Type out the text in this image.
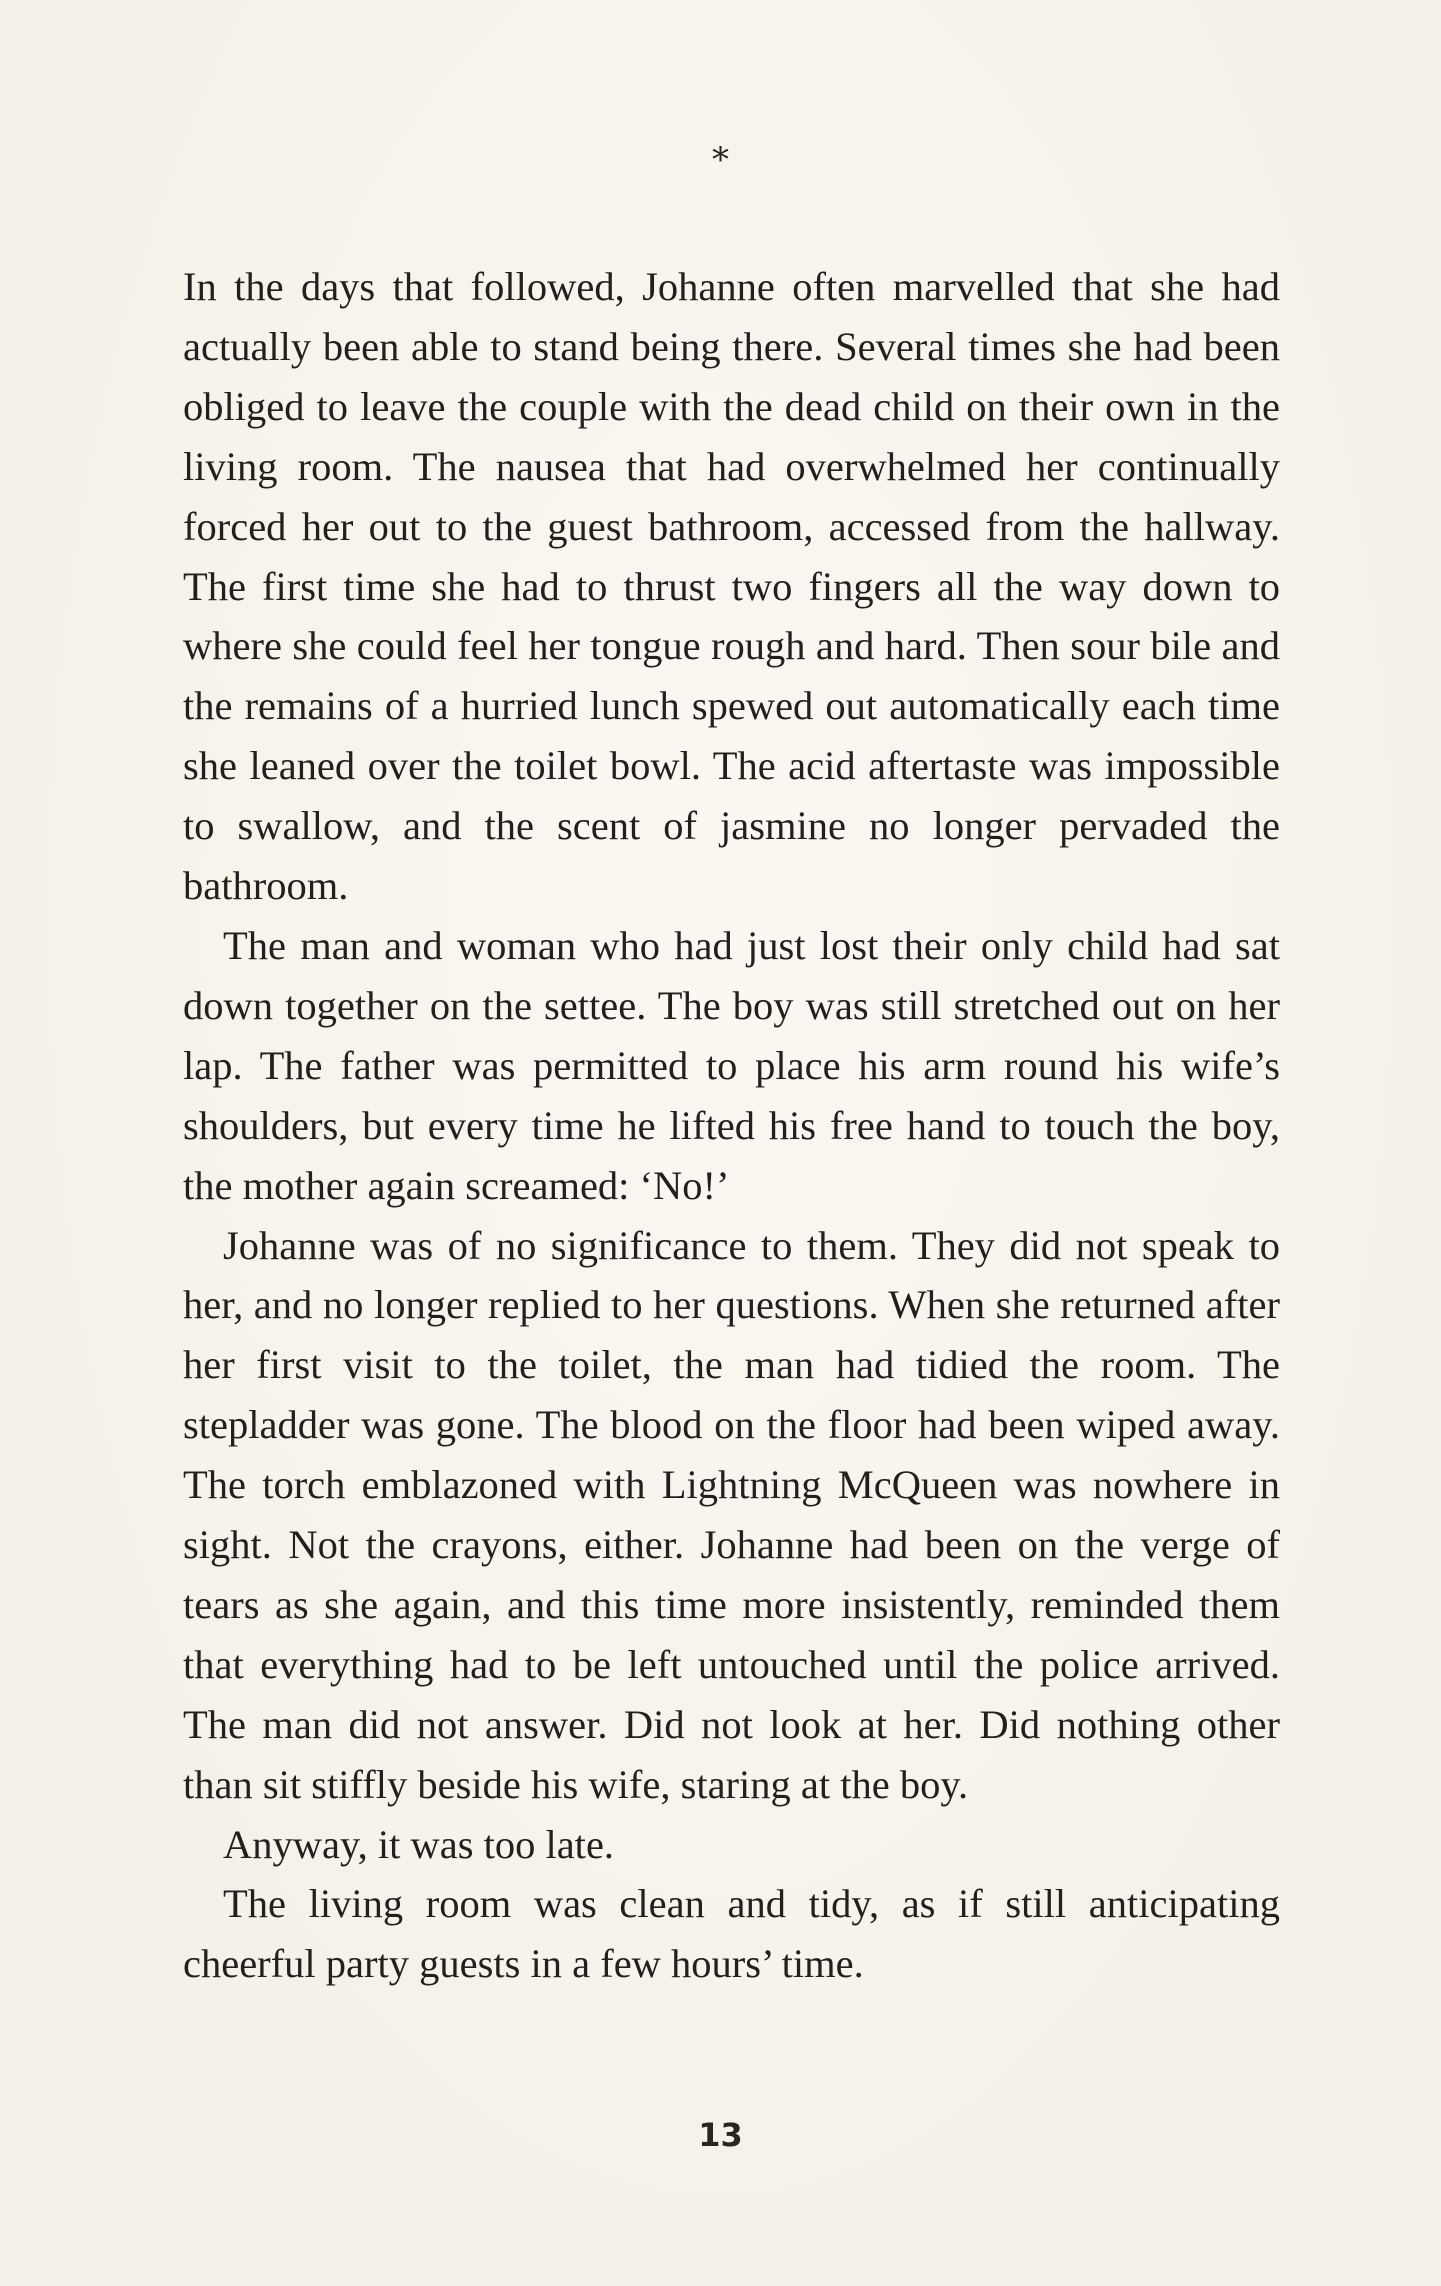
*

In the days that followed, Johanne often marvelled that she had actually been able to stand being there. Several times she had been obliged to leave the couple with the dead child on their own in the living room. The nausea that had overwhelmed her continually forced her out to the guest bathroom, accessed from the hallway. The first time she had to thrust two fingers all the way down to where she could feel her tongue rough and hard. Then sour bile and the remains of a hurried lunch spewed out automatically each time she leaned over the toilet bowl. The acid aftertaste was impossible to swallow, and the scent of jasmine no longer pervaded the bathroom.

The man and woman who had just lost their only child had sat down together on the settee. The boy was still stretched out on her lap. The father was permitted to place his arm round his wife’s shoulders, but every time he lifted his free hand to touch the boy, the mother again screamed: ‘No!’

Johanne was of no significance to them. They did not speak to her, and no longer replied to her questions. When she returned after her first visit to the toilet, the man had tidied the room. The stepladder was gone. The blood on the floor had been wiped away. The torch emblazoned with Lightning McQueen was nowhere in sight. Not the crayons, either. Johanne had been on the verge of tears as she again, and this time more insistently, reminded them that everything had to be left untouched until the police arrived. The man did not answer. Did not look at her. Did nothing other than sit stiffly beside his wife, staring at the boy.

Anyway, it was too late.

The living room was clean and tidy, as if still anticipating cheerful party guests in a few hours’ time.

13
